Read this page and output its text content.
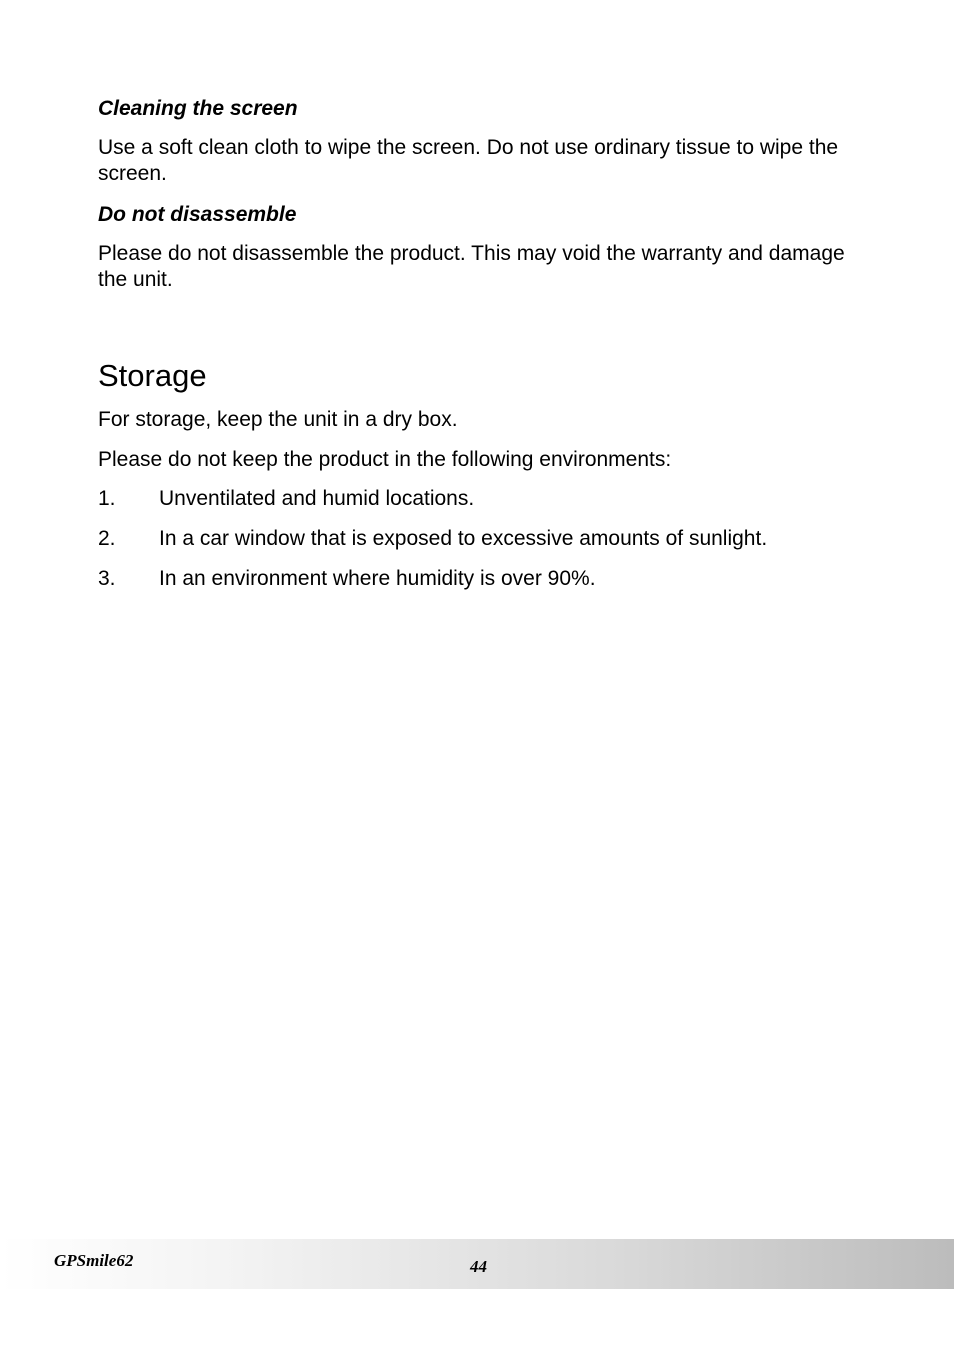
Cleaning the screen

Use a soft clean cloth to wipe the screen. Do not use ordinary tissue to wipe the screen.

Do not disassemble

Please do not disassemble the product. This may void the warranty and damage the unit.

Storage

For storage, keep the unit in a dry box.

Please do not keep the product in the following environments:

1. Unventilated and humid locations.
2. In a car window that is exposed to excessive amounts of sunlight.
3. In an environment where humidity is over 90%.
GPSmile62	44
